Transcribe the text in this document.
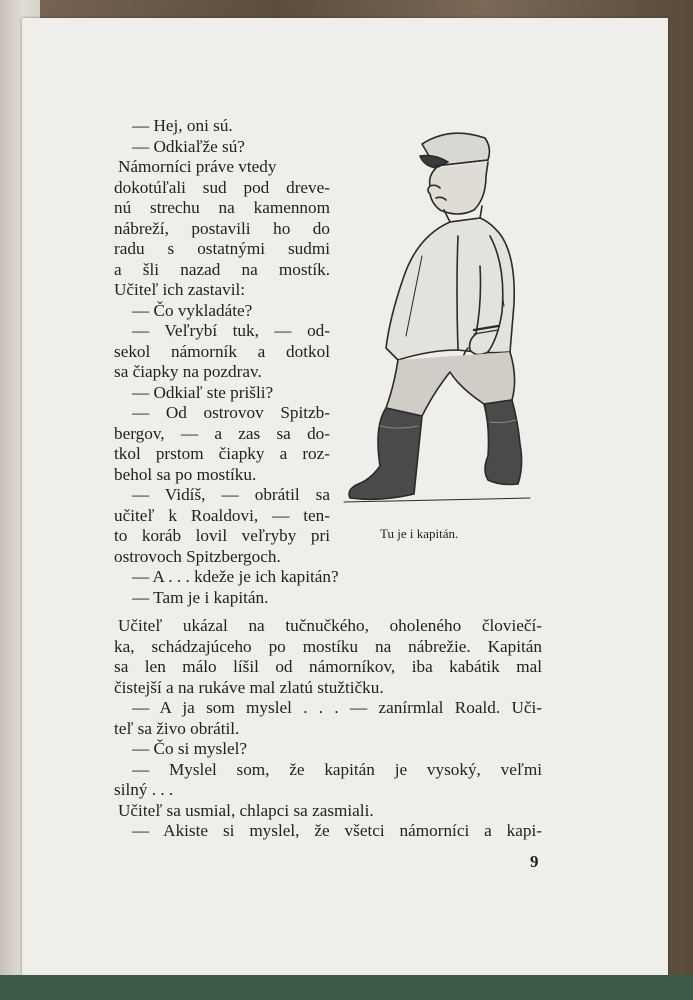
— Hej, oni sú.
— Odkiaľže sú?
Námorníci práve vtedy
dokotúľali sud pod dreve-
nú strechu na kamennom
nábreží, postavili ho do
radu s ostatnými sudmi
a šli nazad na mostík.
Učiteľ ich zastavil:
— Čo vykladáte?
— Veľrybí tuk, — od-
sekol námorník a dotkol
sa čiapky na pozdrav.
— Odkiaľ ste prišli?
— Od ostrovov Spitzb-
bergov, — a zas sa do-
tkol prstom čiapky a roz-
behol sa po mostíku.
— Vidíš, — obrátil sa
učiteľ k Roaldovi, — ten-
to koráb lovil veľryby pri
ostrovoch Spitzbergoch.
— A . . . kdeže je ich kapitán?
— Tam je i kapitán.
Učiteľ ukázal na tučnučkého, oholeného človiečí-
ka, schádzajúceho po mostíku na nábrežie. Kapitán
sa len málo líšil od námorníkov, iba kabátik mal
čistejší a na rukáve mal zlatú stužtičku.
— A ja som myslel . . . — zanírmlal Roald. Uči-
teľ sa živo obrátil.
— Čo si myslel?
— Myslel som, že kapitán je vysoký, veľmi
silný . . .
Učiteľ sa usmial, chlapci sa zasmiali.
— Akiste si myslel, že všetci námorníci a kapi-
Tu je i kapitán.
9
